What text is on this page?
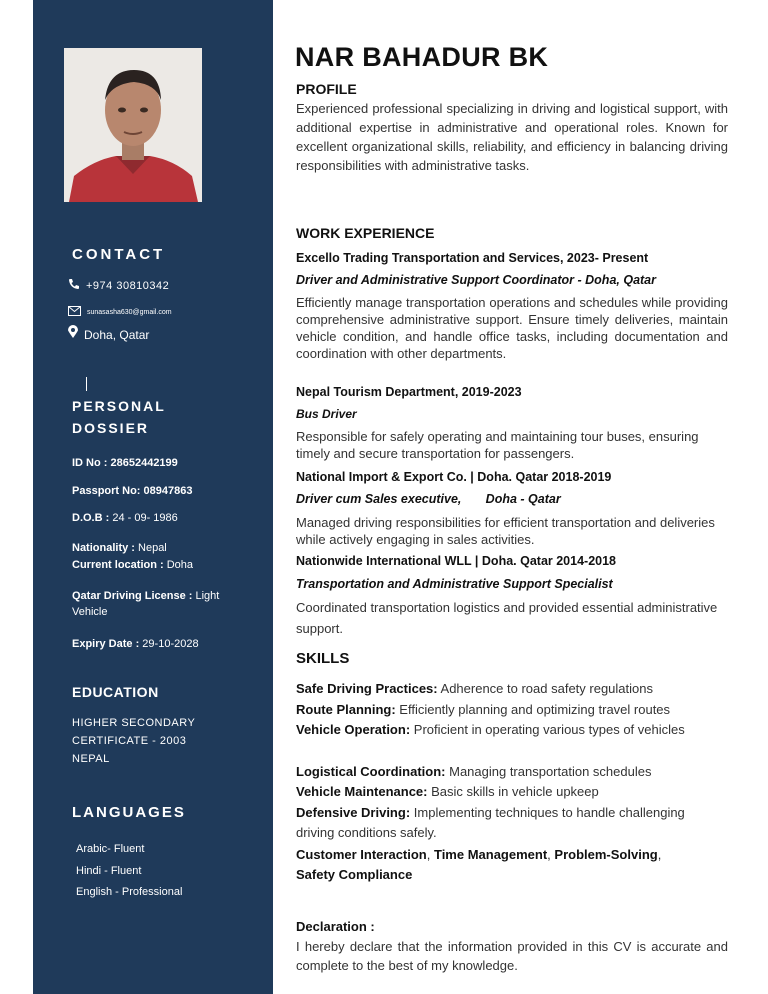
CONTACT
+974 30810342
sunasasha630@gmail.com
Doha, Qatar
PERSONAL
DOSSIER
ID No : 28652442199
Passport No: 08947863
D.O.B : 24 - 09- 1986
Nationality : Nepal
Current location : Doha
Qatar Driving License : Light Vehicle
Expiry Date : 29-10-2028
EDUCATION
HIGHER SECONDARY
CERTIFICATE - 2003
NEPAL
LANGUAGES
Arabic- Fluent
Hindi - Fluent
English - Professional
NAR BAHADUR BK
PROFILE
Experienced professional specializing in driving and logistical support, with additional expertise in administrative and operational roles. Known for excellent organizational skills, reliability, and efficiency in balancing driving responsibilities with administrative tasks.
WORK EXPERIENCE
Excello Trading Transportation and Services, 2023- Present
Driver and Administrative Support Coordinator - Doha, Qatar
Efficiently manage transportation operations and schedules while providing comprehensive administrative support. Ensure timely deliveries, maintain vehicle condition, and handle office tasks, including documentation and coordination with other departments.
Nepal Tourism Department, 2019-2023
Bus Driver
Responsible for safely operating and maintaining tour buses, ensuring timely and secure transportation for passengers.
National Import & Export Co. | Doha. Qatar 2018-2019
Driver cum Sales executive,       Doha - Qatar
Managed driving responsibilities for efficient transportation and deliveries while actively engaging in sales activities.
Nationwide International WLL | Doha. Qatar 2014-2018
Transportation and Administrative Support Specialist
Coordinated transportation logistics and provided essential administrative support.
SKILLS
Safe Driving Practices: Adherence to road safety regulations
Route Planning: Efficiently planning and optimizing travel routes
Vehicle Operation: Proficient in operating various types of vehicles
Logistical Coordination: Managing transportation schedules
Vehicle Maintenance: Basic skills in vehicle upkeep
Defensive Driving: Implementing techniques to handle challenging driving conditions safely.
Customer Interaction, Time Management, Problem-Solving,
Safety Compliance
Declaration :
I hereby declare that the information provided in this CV is accurate and complete to the best of my knowledge.
